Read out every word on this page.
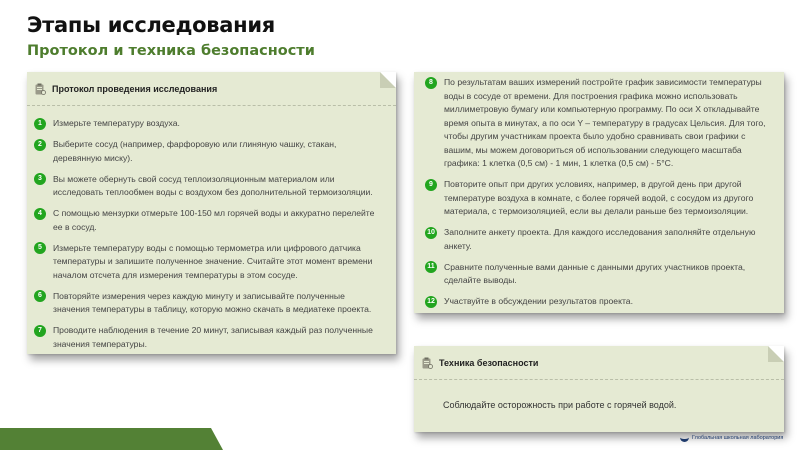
Этапы исследования
Протокол и техника безопасности
Протокол проведения исследования
1	Измерьте температуру воздуха.
2	Выберите сосуд (например, фарфоровую или глиняную чашку, стакан, деревянную миску).
3	Вы можете обернуть свой сосуд теплоизоляционным материалом или исследовать теплообмен воды с воздухом без дополнительной термоизоляции.
4	С помощью мензурки отмерьте 100-150 мл горячей воды и аккуратно перелейте ее в сосуд.
5	Измерьте температуру воды с помощью термометра или цифрового датчика температуры и запишите полученное значение. Считайте этот момент времени началом отсчета для измерения температуры в этом сосуде.
6	Повторяйте измерения через каждую минуту и записывайте полученные значения температуры в таблицу, которую можно скачать в медиатеке проекта.
7	Проводите наблюдения в течение 20 минут, записывая каждый раз полученные значения температуры.
8	По результатам ваших измерений постройте график зависимости температуры воды в сосуде от времени. Для построения графика можно использовать миллиметровую бумагу или компьютерную программу. По оси X откладывайте время опыта в минутах, а по оси Y – температуру в градусах Цельсия. Для того, чтобы другим участникам проекта было удобно сравнивать свои графики с вашим, мы можем договориться об использовании следующего масштаба графика: 1 клетка (0,5 см) - 1 мин, 1 клетка (0,5 см) - 5°С.
9	Повторите опыт при других условиях, например, в другой день при другой температуре воздуха в комнате, с более горячей водой, с сосудом из другого материала, с термоизоляцией, если вы делали раньше без термоизоляции.
10 Заполните анкету проекта. Для каждого исследования заполняйте отдельную анкету.
11 Сравните полученные вами данные с данными других участников проекта, сделайте выводы.
12 Участвуйте в обсуждении результатов проекта.
Техника безопасности
Соблюдайте осторожность при работе с горячей водой.
Глобальная школьная лаборатория
